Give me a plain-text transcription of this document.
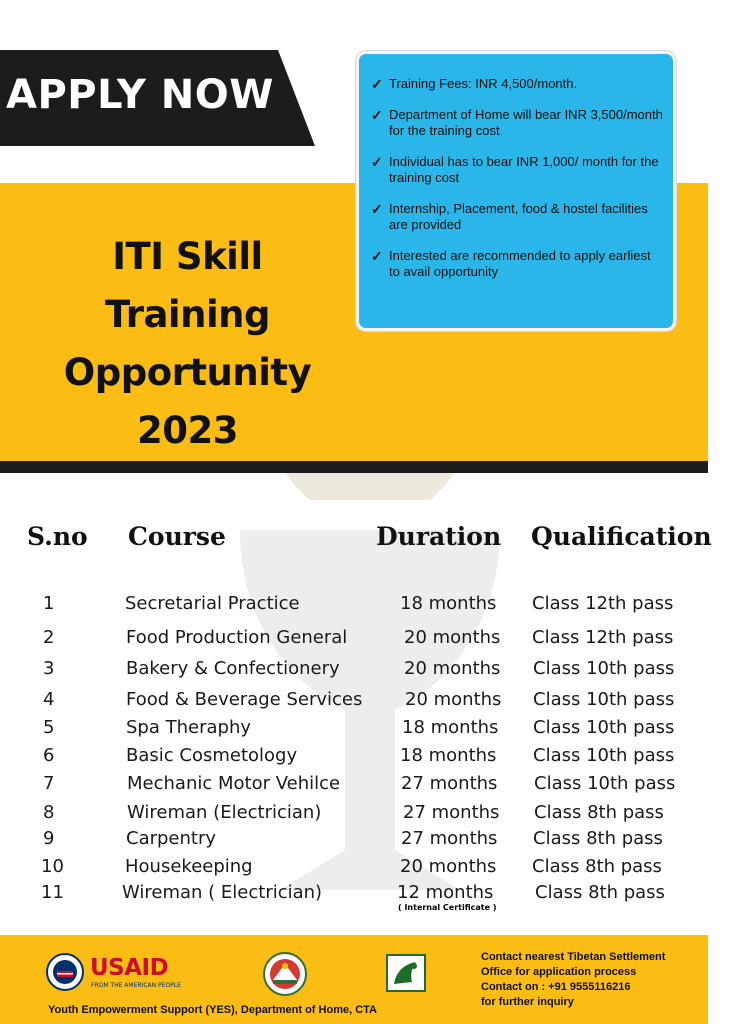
APPLY NOW
ITI Skill
Training
Opportunity
2023
✓ Training Fees: INR 4,500/month.
✓ Department of Home will bear INR 3,500/month for the training cost
✓ Individual has to bear INR 1,000/ month for the training cost
✓ Internship, Placement, food & hostel facilities are provided
✓ Interested are recommended to apply earliest to avail opportunity
S.no Course	Duration Qualification
1	Secretarial Practice	18 months Class 12th pass
2	Food Production General	20 months Class 12th pass
3	Bakery & Confectionery	20 months Class 10th pass
4	Food & Beverage Services 20 months Class 10th pass
5	Spa Theraphy	18 months Class 10th pass
6	Basic Cosmetology	18 months Class 10th pass
7	Mechanic Motor Vehilce	27 months Class 10th pass
8	Wireman (Electrician)	27 months Class 8th pass
9	Carpentry	27 months Class 8th pass
10	Housekeeping	20 months Class 8th pass
11	Wireman ( Electrician)	12 months Class 8th pass
( Internal Certificate )
USAID
FROM THE AMERICAN PEOPLE
Youth Empowerment Support (YES), Department of Home, CTA
Contact nearest Tibetan Settlement
Office for application process
Contact on : +91 9555116216
for further inquiry
